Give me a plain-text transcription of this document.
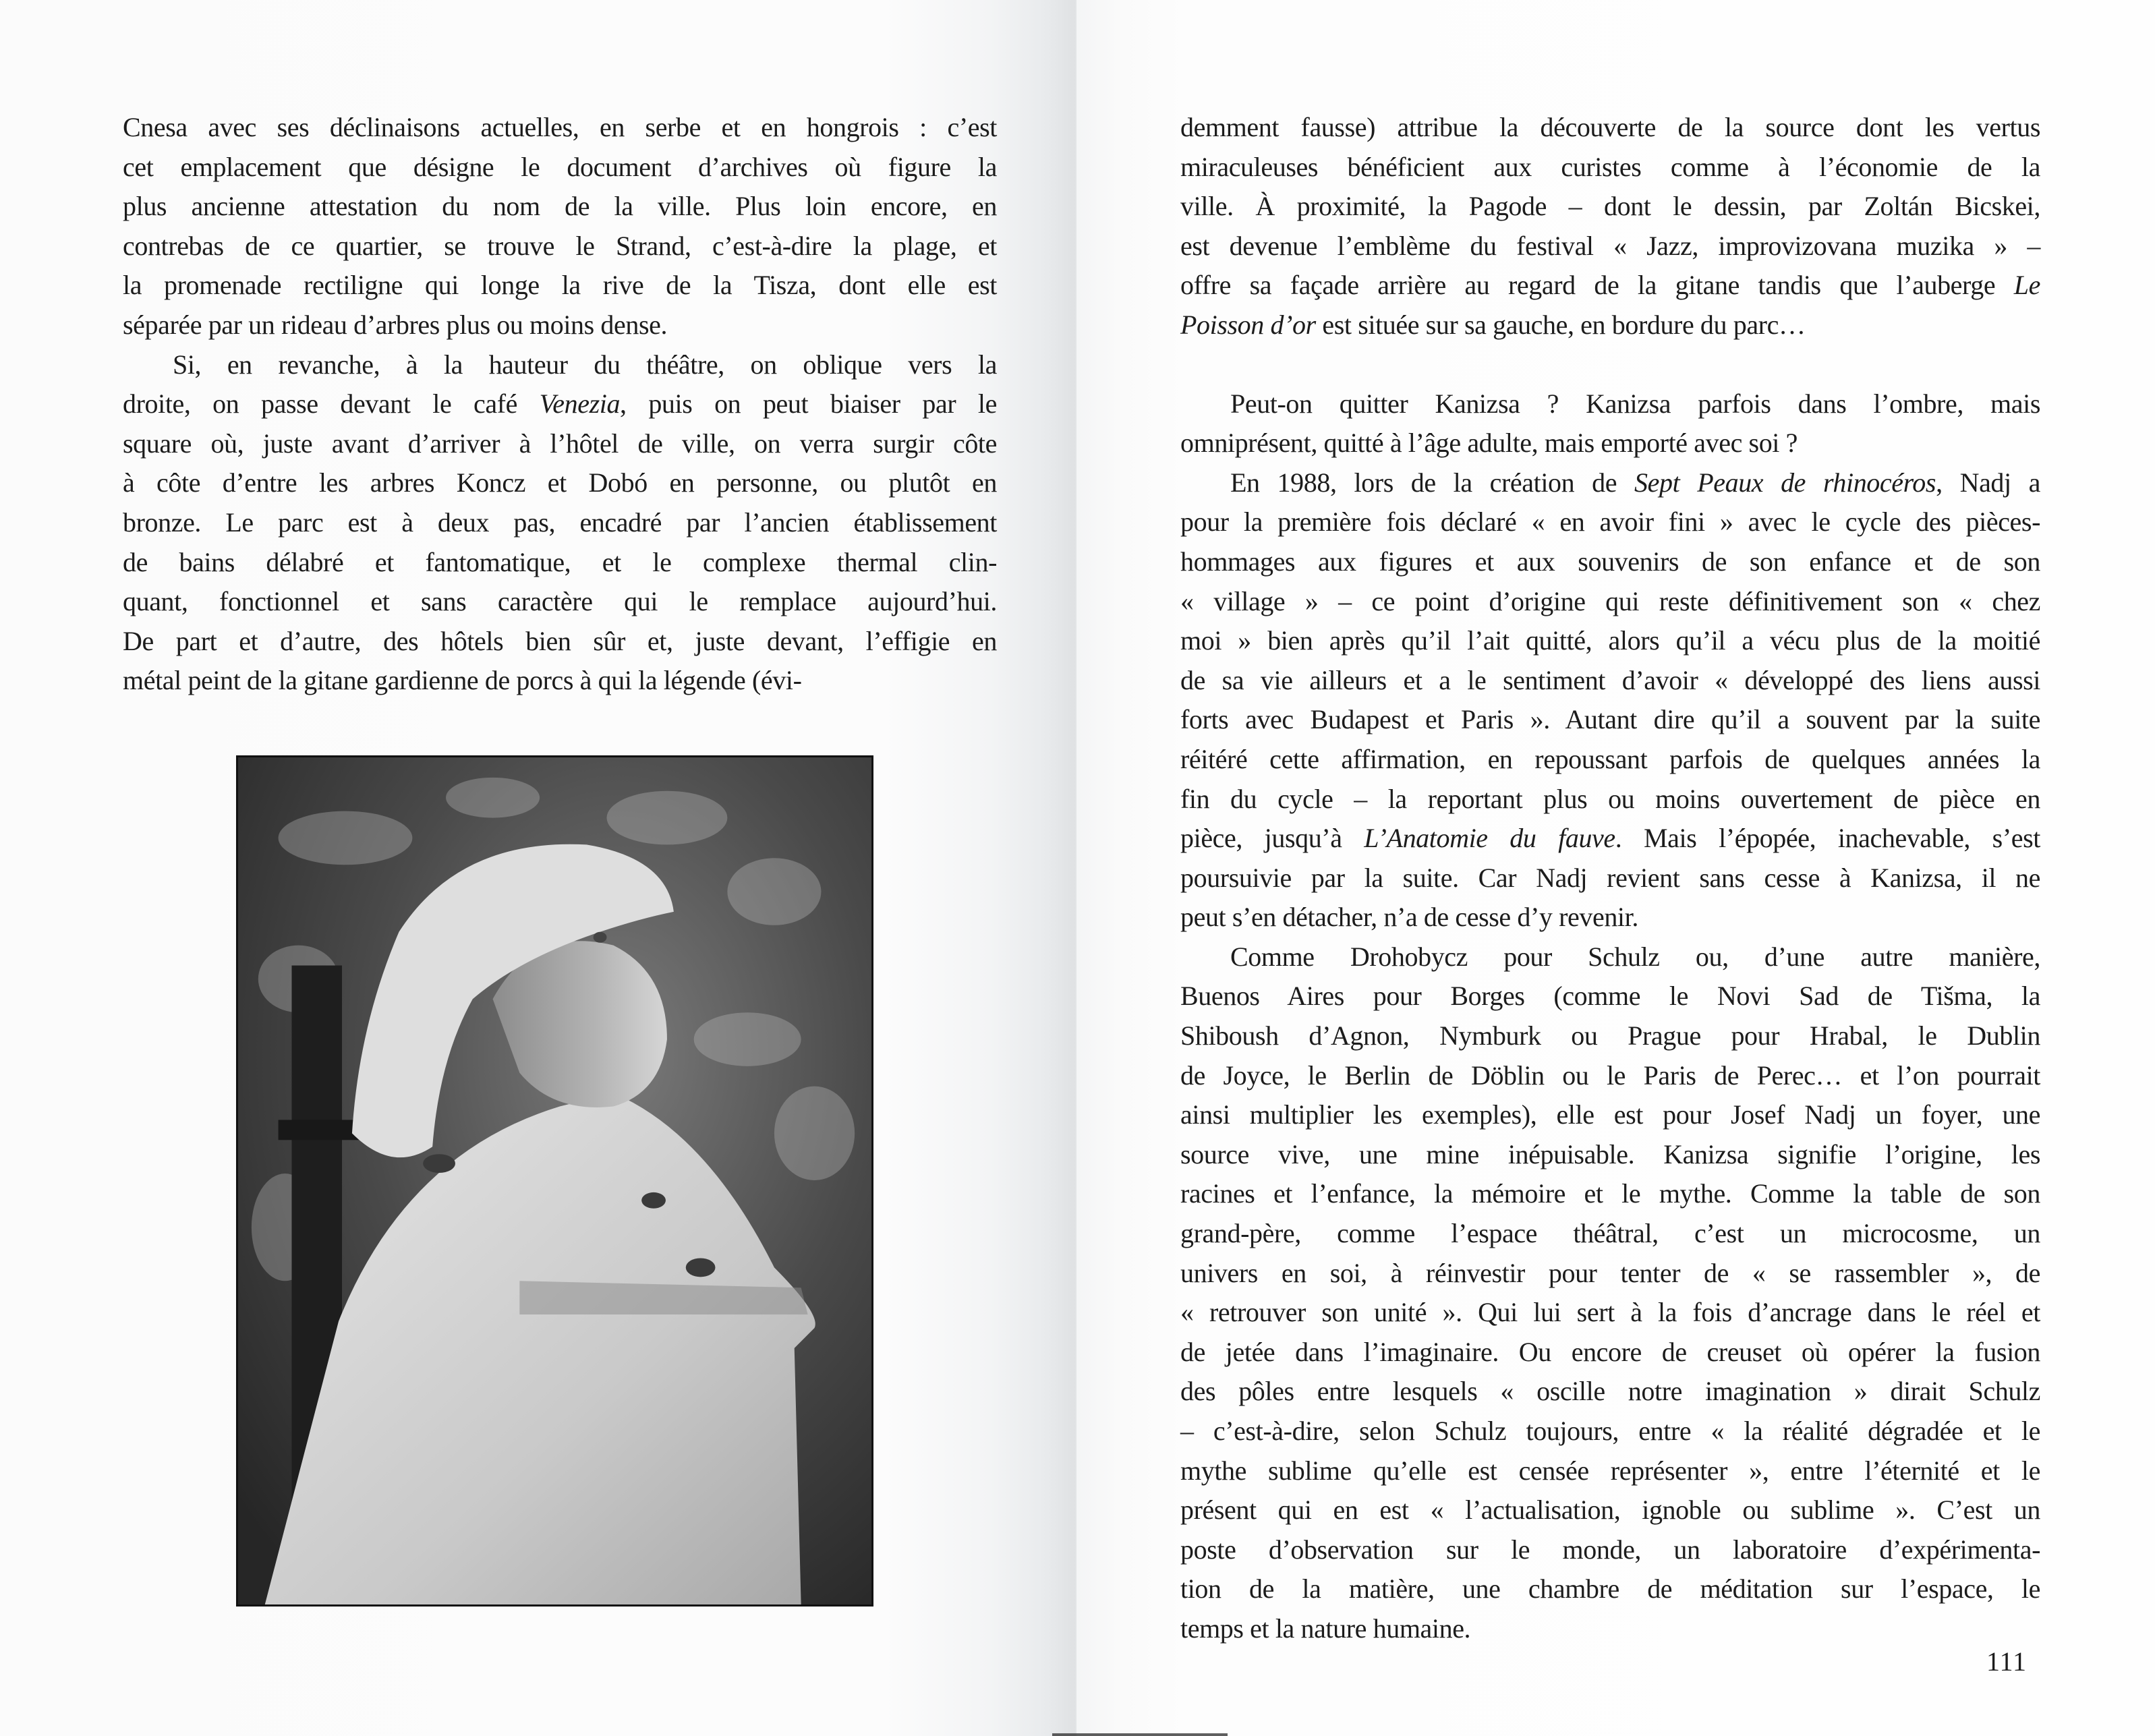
Cnesa avec ses déclinaisons actuelles, en serbe et en hongrois : c’est
cet emplacement que désigne le document d’archives où figure la
plus ancienne attestation du nom de la ville. Plus loin encore, en
contrebas de ce quartier, se trouve le Strand, c’est-à-dire la plage, et
la promenade rectiligne qui longe la rive de la Tisza, dont elle est
séparée par un rideau d’arbres plus ou moins dense.
Si, en revanche, à la hauteur du théâtre, on oblique vers la
droite, on passe devant le café Venezia, puis on peut biaiser par le
square où, juste avant d’arriver à l’hôtel de ville, on verra surgir côte
à côte d’entre les arbres Koncz et Dobó en personne, ou plutôt en
bronze. Le parc est à deux pas, encadré par l’ancien établissement
de bains délabré et fantomatique, et le complexe thermal clin-
quant, fonctionnel et sans caractère qui le remplace aujourd’hui.
De part et d’autre, des hôtels bien sûr et, juste devant, l’effigie en
métal peint de la gitane gardienne de porcs à qui la légende (évi-
demment fausse) attribue la découverte de la source dont les vertus
miraculeuses bénéficient aux curistes comme à l’économie de la
ville. À proximité, la Pagode – dont le dessin, par Zoltán Bicskei,
est devenue l’emblème du festival « Jazz, improvizovana muzika » –
offre sa façade arrière au regard de la gitane tandis que l’auberge Le
Poisson d’or est située sur sa gauche, en bordure du parc…
Peut-on quitter Kanizsa ? Kanizsa parfois dans l’ombre, mais
omniprésent, quitté à l’âge adulte, mais emporté avec soi ?
En 1988, lors de la création de Sept Peaux de rhinocéros, Nadj a
pour la première fois déclaré « en avoir fini » avec le cycle des pièces-
hommages aux figures et aux souvenirs de son enfance et de son
« village » – ce point d’origine qui reste définitivement son « chez
moi » bien après qu’il l’ait quitté, alors qu’il a vécu plus de la moitié
de sa vie ailleurs et a le sentiment d’avoir « développé des liens aussi
forts avec Budapest et Paris ». Autant dire qu’il a souvent par la suite
réitéré cette affirmation, en repoussant parfois de quelques années la
fin du cycle – la reportant plus ou moins ouvertement de pièce en
pièce, jusqu’à L’Anatomie du fauve. Mais l’épopée, inachevable, s’est
poursuivie par la suite. Car Nadj revient sans cesse à Kanizsa, il ne
peut s’en détacher, n’a de cesse d’y revenir.
Comme Drohobycz pour Schulz ou, d’une autre manière,
Buenos Aires pour Borges (comme le Novi Sad de Tišma, la
Shiboush d’Agnon, Nymburk ou Prague pour Hrabal, le Dublin
de Joyce, le Berlin de Döblin ou le Paris de Perec… et l’on pourrait
ainsi multiplier les exemples), elle est pour Josef Nadj un foyer, une
source vive, une mine inépuisable. Kanizsa signifie l’origine, les
racines et l’enfance, la mémoire et le mythe. Comme la table de son
grand-père, comme l’espace théâtral, c’est un microcosme, un
univers en soi, à réinvestir pour tenter de « se rassembler », de
« retrouver son unité ». Qui lui sert à la fois d’ancrage dans le réel et
de jetée dans l’imaginaire. Ou encore de creuset où opérer la fusion
des pôles entre lesquels « oscille notre imagination » dirait Schulz
– c’est-à-dire, selon Schulz toujours, entre « la réalité dégradée et le
mythe sublime qu’elle est censée représenter », entre l’éternité et le
présent qui en est « l’actualisation, ignoble ou sublime ». C’est un
poste d’observation sur le monde, un laboratoire d’expérimenta-
tion de la matière, une chambre de méditation sur l’espace, le
temps et la nature humaine.
111
